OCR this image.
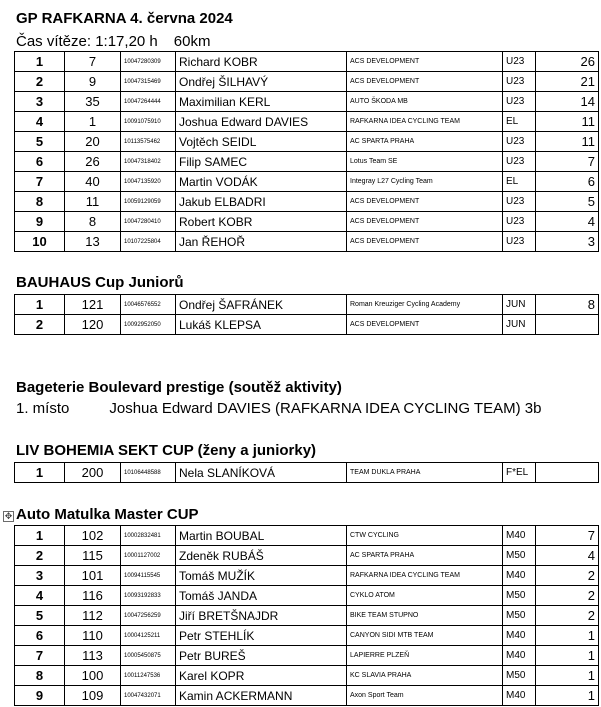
GP RAFKARNA 4. června 2024
Čas vítěze: 1:17,20 h 60km
1	7	10047280309	Richard KOBR	ACS DEVELOPMENT	U23	26
2	9	10047315469	Ondřej ŠILHAVÝ	ACS DEVELOPMENT	U23	21
3	35	10047264444	Maximilian KERL	AUTO ŠKODA MB	U23	14
4	1	10091075910	Joshua Edward DAVIES	RAFKARNA IDEA CYCLING TEAM	EL	11
5	20	10113575462	Vojtěch SEIDL	AC SPARTA PRAHA	U23	11
6	26	10047318402	Filip SAMEC	Lotus Team SE	U23	7
7	40	10047135920	Martin VODÁK	Integray L27 Cycling Team	EL	6
8	11	10059129059	Jakub ELBADRI	ACS DEVELOPMENT	U23	5
9	8	10047280410	Robert KOBR	ACS DEVELOPMENT	U23	4
10	13	10107225804	Jan ŘEHOŘ	ACS DEVELOPMENT	U23	3
BAUHAUS Cup Juniorů
1	121	10046576552	Ondřej ŠAFRÁNEK	Roman Kreuziger Cycling Academy	JUN	8
2	120	10092952050	Lukáš KLEPSA	ACS DEVELOPMENT	JUN	
Bageterie Boulevard prestige (soutěž aktivity)
1. místo	Joshua Edward DAVIES (RAFKARNA IDEA CYCLING TEAM) 3b
LIV BOHEMIA SEKT CUP (ženy a juniorky)
1	200	10106448588	Nela SLANÍKOVÁ	TEAM DUKLA PRAHA	F*EL	
✥ Auto Matulka Master CUP
1	102	10002832481	Martin BOUBAL	CTW CYCLING	M40	7
2	115	10001127002	Zdeněk RUBÁŠ	AC SPARTA PRAHA	M50	4
3	101	10094115545	Tomáš MUŽÍK	RAFKARNA IDEA CYCLING TEAM	M40	2
4	116	10093192833	Tomáš JANDA	CYKLO ATOM	M50	2
5	112	10047256259	Jiří BRETŠNAJDR	BIKE TEAM STUPNO	M50	2
6	110	10004125211	Petr STEHLÍK	CANYON SIDI MTB TEAM	M40	1
7	113	10005450875	Petr BUREŠ	LAPIERRE PLZEŇ	M40	1
8	100	10011247536	Karel KOPR	KC SLAVIA PRAHA	M50	1
9	109	10047432071	Kamin ACKERMANN	Axon Sport Team	M40	1
